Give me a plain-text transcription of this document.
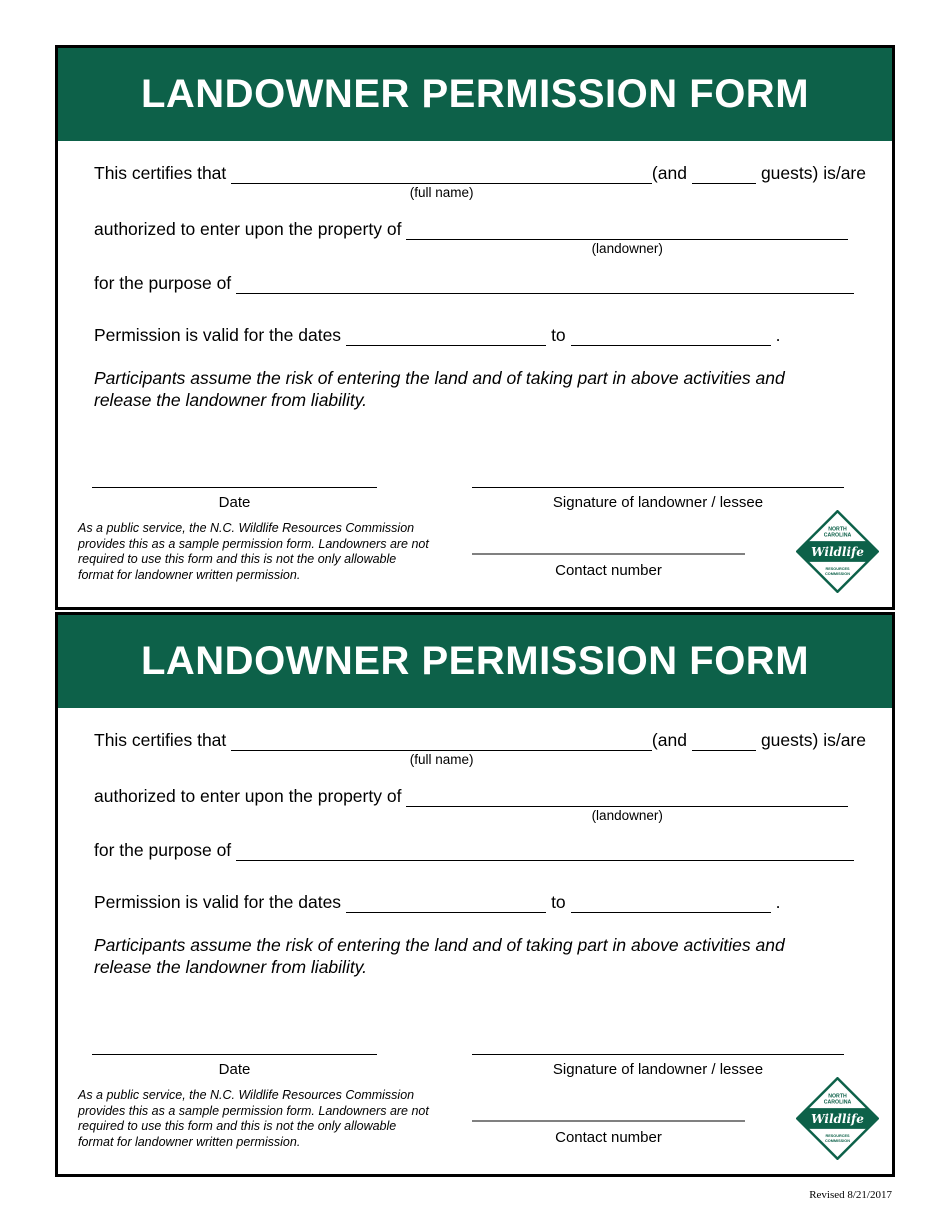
LANDOWNER PERMISSION FORM
This certifies that
(full name)
(and	guests) is/are
authorized to enter upon the property of
(landowner)
for the purpose of
Permission is valid for the dates	to	.
Participants assume the risk of entering the land and of taking part in above activities and
release the landowner from liability.
Date
As a public service, the N.C. Wildlife Resources Commission
provides this as a sample permission form. Landowners are not
required to use this form and this is not the only allowable
format for landowner written permission.
Signature of landowner / lessee
Contact number
NORTH
CAROLINA
Wildlife
RESOURCES
COMMISSION
LANDOWNER PERMISSION FORM
This certifies that
(full name)
(and	guests) is/are
authorized to enter upon the property of
(landowner)
for the purpose of
Permission is valid for the dates	to	.
Participants assume the risk of entering the land and of taking part in above activities and
release the landowner from liability.
Date
As a public service, the N.C. Wildlife Resources Commission
provides this as a sample permission form. Landowners are not
required to use this form and this is not the only allowable
format for landowner written permission.
Signature of landowner / lessee
Contact number
NORTH
CAROLINA
Wildlife
RESOURCES
COMMISSION
Revised 8/21/2017
